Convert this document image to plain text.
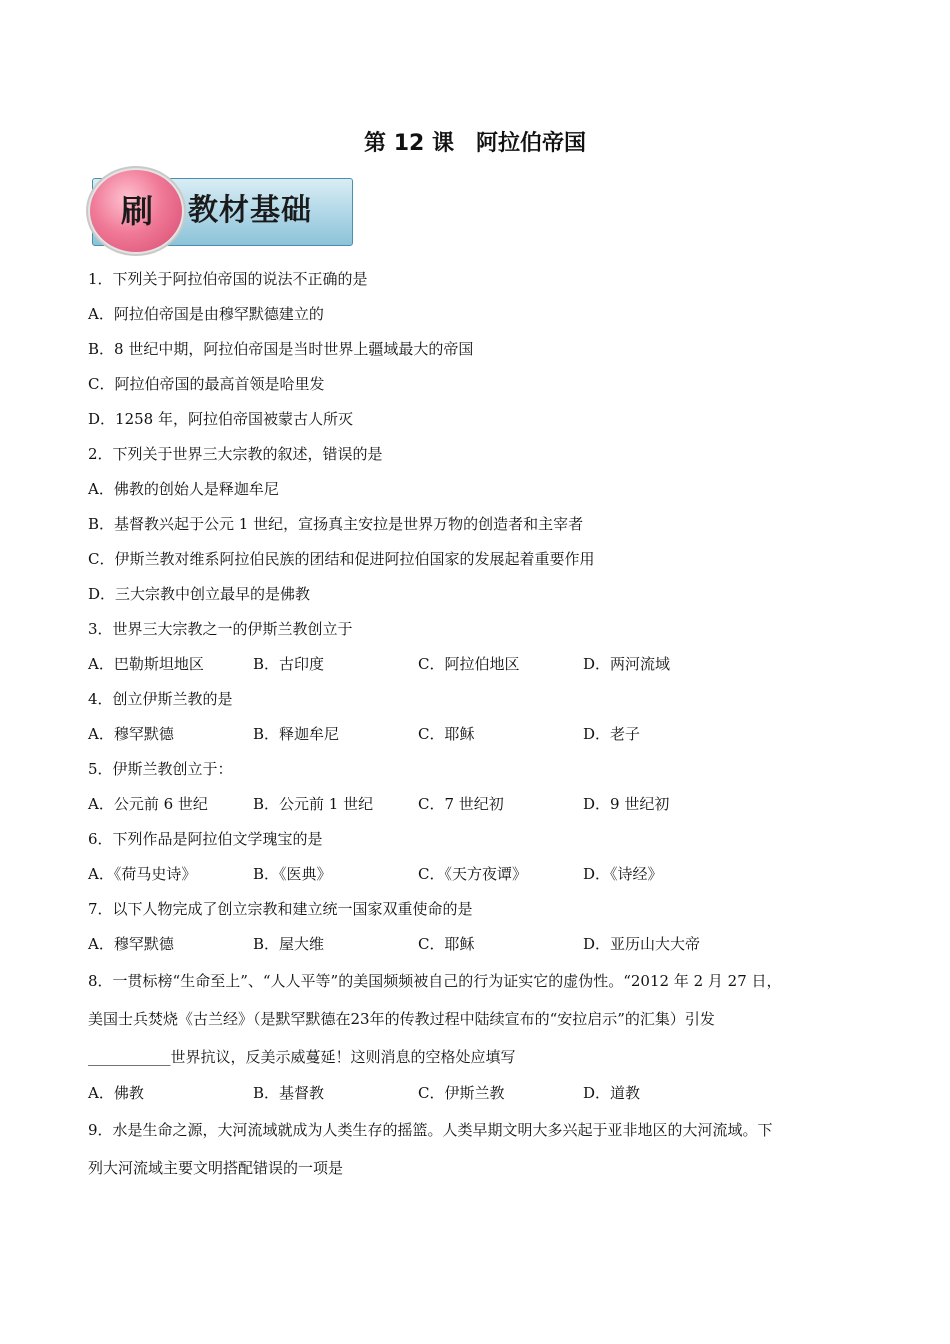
第 12 课　阿拉伯帝国
刷	教材基础
1．下列关于阿拉伯帝国的说法不正确的是
A．阿拉伯帝国是由穆罕默德建立的
B．8 世纪中期，阿拉伯帝国是当时世界上疆域最大的帝国
C．阿拉伯帝国的最高首领是哈里发
D．1258 年，阿拉伯帝国被蒙古人所灭
2．下列关于世界三大宗教的叙述，错误的是
A．佛教的创始人是释迦牟尼
B．基督教兴起于公元 1 世纪，宣扬真主安拉是世界万物的创造者和主宰者
C．伊斯兰教对维系阿拉伯民族的团结和促进阿拉伯国家的发展起着重要作用
D．三大宗教中创立最早的是佛教
3．世界三大宗教之一的伊斯兰教创立于
A．巴勒斯坦地区	B．古印度	C．阿拉伯地区	D．两河流域
4．创立伊斯兰教的是
A．穆罕默德	B．释迦牟尼	C．耶稣	D．老子
5．伊斯兰教创立于：
A．公元前 6 世纪	B．公元前 1 世纪	C．7 世纪初	D．9 世纪初
6．下列作品是阿拉伯文学瑰宝的是
A．《荷马史诗》	B．《医典》	C．《天方夜谭》	D．《诗经》
7．以下人物完成了创立宗教和建立统一国家双重使命的是
A．穆罕默德	B．屋大维	C．耶稣	D．亚历山大大帝
8．一贯标榜“生命至上”、“人人平等”的美国频频被自己的行为证实它的虚伪性。“2012 年 2 月 27 日，
美国士兵焚烧《古兰经》（是默罕默德在23年的传教过程中陆续宣布的“安拉启示”的汇集）引发
___________世界抗议，反美示威蔓延！这则消息的空格处应填写
A．佛教	B．基督教	C．伊斯兰教	D．道教
9．水是生命之源，大河流域就成为人类生存的摇篮。人类早期文明大多兴起于亚非地区的大河流域。下
列大河流域主要文明搭配错误的一项是
